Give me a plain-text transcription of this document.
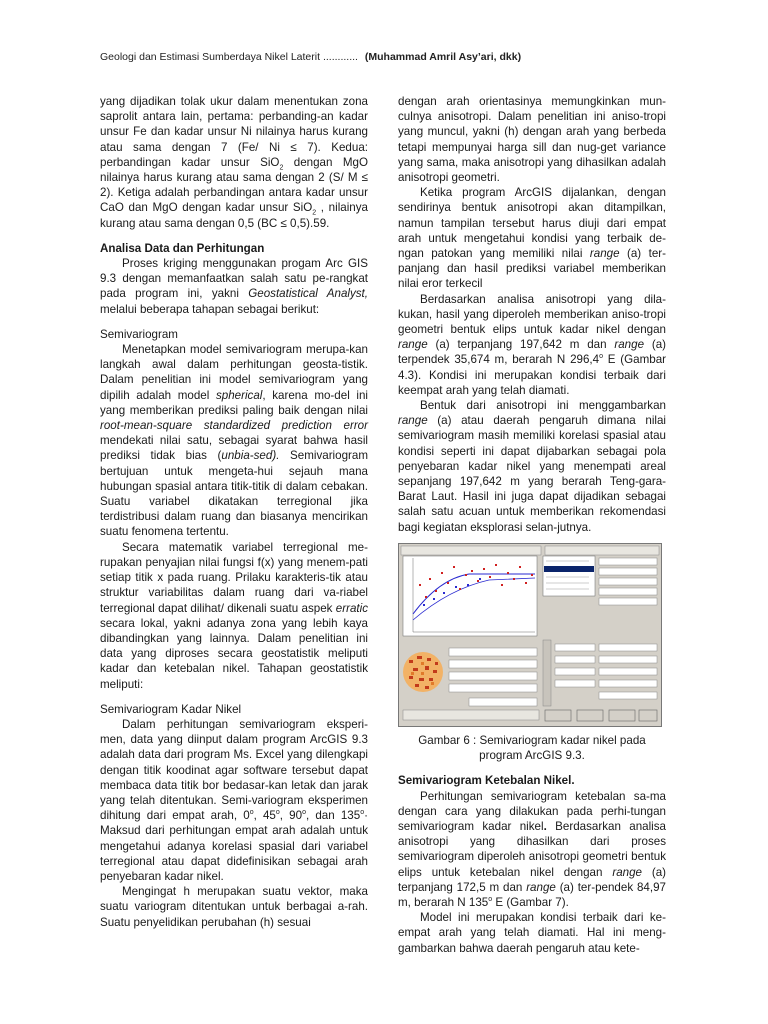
Geologi dan Estimasi Sumberdaya Nikel Laterit ............ (Muhammad Amril Asy’ari, dkk)

yang dijadikan tolak ukur dalam menentukan zona saprolit antara lain, pertama: perbanding-an kadar unsur Fe dan kadar unsur Ni nilainya harus kurang atau sama dengan 7 (Fe/ Ni ≤ 7). Kedua: perbandingan kadar unsur SiO$_2$ dengan MgO nilainya harus kurang atau sama dengan 2 (S/ M ≤ 2). Ketiga adalah perbandingan antara kadar unsur CaO dan MgO dengan kadar unsur SiO$_2$ , nilainya kurang atau sama dengan 0,5 (BC ≤ 0,5).59.

Analisa Data dan Perhitungan

Proses kriging menggunakan progam Arc GIS 9.3 dengan memanfaatkan salah satu pe-rangkat pada program ini, yakni Geostatistical Analyst, melalui beberapa tahapan sebagai berikut:

Semivariogram

Menetapkan model semivariogram merupa-kan langkah awal dalam perhitungan geosta-tistik. Dalam penelitian ini model semivariogram yang dipilih adalah model spherical, karena mo-del ini yang memberikan prediksi paling baik dengan nilai root-mean-square standardized prediction error mendekati nilai satu, sebagai syarat bahwa hasil prediksi tidak bias (unbia-sed). Semivariogram bertujuan untuk mengeta-hui sejauh mana hubungan spasial antara titik-titik di dalam cebakan. Suatu variabel dikatakan terregional jika terdistribusi dalam ruang dan biasanya mencirikan suatu fenomena tertentu.

Secara matematik variabel terregional me-rupakan penyajian nilai fungsi f(x) yang menem-pati setiap titik x pada ruang. Prilaku karakteris-tik atau struktur variabilitas dalam ruang dari va-riabel terregional dapat dilihat/ dikenali suatu aspek erratic secara lokal, yakni adanya zona yang lebih kaya dibandingkan yang lainnya. Dalam penelitian ini data yang diproses secara geostatistik meliputi kadar dan ketebalan nikel. Tahapan geostatistik meliputi:

Semivariogram Kadar Nikel

Dalam perhitungan semivariogram eksperi-men, data yang diinput dalam program ArcGIS 9.3 adalah data dari program Ms. Excel yang dilengkapi dengan titik koodinat agar software tersebut dapat membaca data titik bor bedasar-kan letak dan jarak yang telah ditentukan. Semi-variogram eksperimen dihitung dari empat arah, 0$^o$, 45$^o$, 90$^o$, dan $135^o\cdot$ Maksud dari perhitungan empat arah adalah untuk mengetahui adanya korelasi spasial dari variabel terregional atau dapat didefinisikan sebagai arah penyebaran kadar nikel.

Mengingat h merupakan suatu vektor, maka suatu variogram ditentukan untuk berbagai a-rah. Suatu penyelidikan perubahan (h) sesuai

dengan arah orientasinya memungkinkan mun-culnya anisotropi. Dalam penelitian ini aniso-tropi yang muncul, yakni (h) dengan arah yang berbeda tetapi mempunyai harga sill dan nug-get variance yang sama, maka anisotropi yang dihasilkan adalah anisotropi geometri.

Ketika program ArcGIS dijalankan, dengan sendirinya bentuk anisotropi akan ditampilkan, namun tampilan tersebut harus diuji dari empat arah untuk mengetahui kondisi yang terbaik de-ngan patokan yang memiliki nilai range (a) ter-panjang dan hasil prediksi variabel memberikan nilai eror terkecil

Berdasarkan analisa anisotropi yang dila-kukan, hasil yang diperoleh memberikan aniso-tropi geometri bentuk elips untuk kadar nikel dengan range (a) terpanjang 197,642 m dan range (a) terpendek 35,674 m, berarah N 296,4$^o$ E (Gambar 4.3). Kondisi ini merupakan kondisi terbaik dari keempat arah yang telah diamati.

Bentuk dari anisotropi ini menggambarkan range (a) atau daerah pengaruh dimana nilai semivariogram masih memiliki korelasi spasial atau kondisi seperti ini dapat dijabarkan sebagai pola penyebaran kadar nikel yang menempati areal sepanjang 197,642 m yang berarah Teng-gara-Barat Laut. Hasil ini juga dapat dijadikan sebagai salah satu acuan untuk memberikan rekomendasi bagi kegiatan eksplorasi selan-jutnya.

Gambar 6 : Semivariogram kadar nikel pada program ArcGIS 9.3.

Semivariogram Ketebalan Nikel.

Perhitungan semivariogram ketebalan sa-ma dengan cara yang dilakukan pada perhi-tungan semivariogram kadar nikel. Berdasarkan analisa anisotropi yang dihasilkan dari proses semivariogram diperoleh anisotropi geometri bentuk elips untuk ketebalan nikel dengan range (a) terpanjang 172,5 m dan range (a) ter-pendek 84,97 m, berarah N 135$^o$ E (Gambar 7).

Model ini merupakan kondisi terbaik dari ke-empat arah yang telah diamati. Hal ini meng-gambarkan bahwa daerah pengaruh atau kete-
